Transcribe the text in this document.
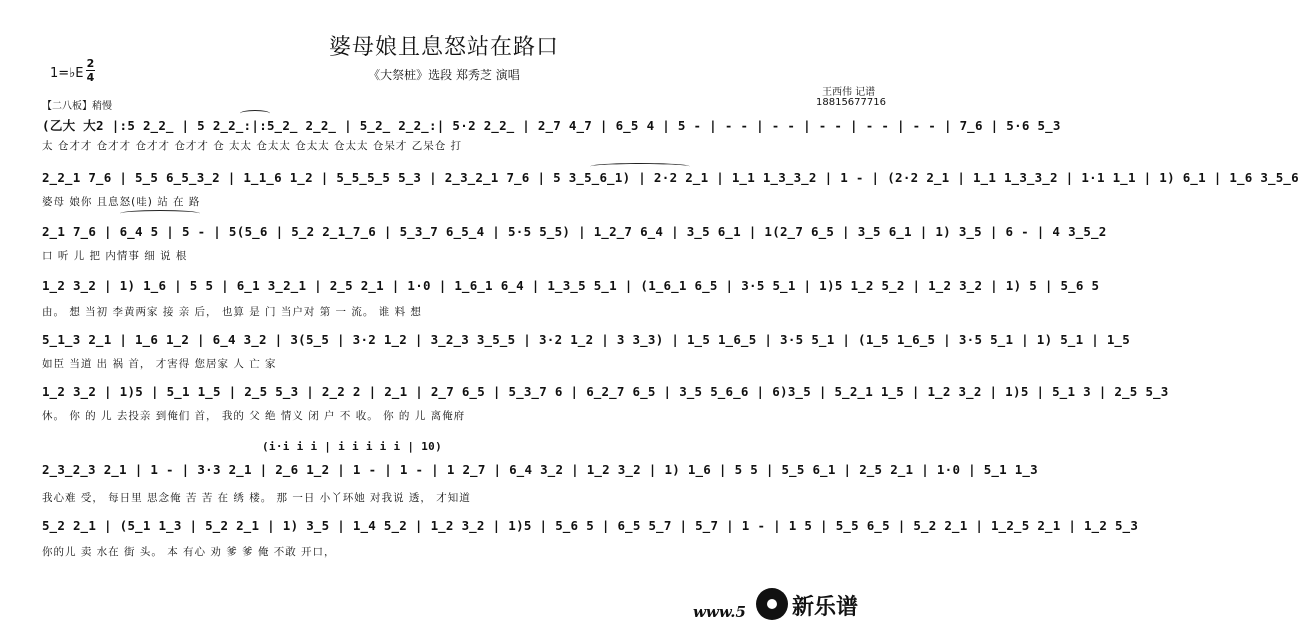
婆母娘且息怒站在路口
《大祭桩》选段 郑秀芝 演唱
1=♭E
2
4
王西伟 记谱
18815677716
【二八板】稍慢
(乙大 大2 |:5 2̲2̲ | 5 2̲2̲:|:5̲2̲ 2̲2̲ | 5̲2̲ 2̲2̲:| 5·2 2̲2̲ | 2̲7 4̲7 | 6̲5 4 | 5 - | - - | - - | - - | - - | - - | 7̲6 | 5·6 5̲3
太 仓才才 仓才才 仓才才 仓才才 仓 太太 仓太太 仓太太 仓太太 仓呆才 乙呆仓 打
2̲2̲1 7̲6 | 5̲5 6̲5̲3̲2 | 1̲1̲6 1̲2 | 5̲5̲5̲5 5̲3 | 2̲3̲2̲1 7̲6 | 5 3̲5̲6̲1) | 2·2 2̲1 | 1̲1 1̲3̲3̲2 | 1 - | (2·2 2̲1 | 1̲1 1̲3̲3̲2 | 1·1 1̲1 | 1) 6̲1 | 1̲6 3̲5̲6
婆母 娘你 且息怒(哇) 站 在 路
2̲1 7̲6 | 6̲4 5 | 5 - | 5(5̲6 | 5̲2 2̲1̲7̲6 | 5̲3̲7 6̲5̲4 | 5·5 5̲5) | 1̲2̲7 6̲4 | 3̲5 6̲1 | 1(2̲7 6̲5 | 3̲5 6̲1 | 1) 3̲5 | 6 - | 4 3̲5̲2
口 听 儿 把 内情事 细 说 根
1̲2 3̲2 | 1) 1̲6 | 5 5 | 6̲1 3̲2̲1 | 2̲5 2̲1 | 1·0 | 1̲6̲1 6̲4 | 1̲3̲5 5̲1 | (1̲6̲1 6̲5 | 3·5 5̲1 | 1)5 1̲2 5̲2 | 1̲2 3̲2 | 1) 5 | 5̲6 5
由。 想 当初 李黄两家 接 亲 后， 也算 是 门 当户对 第 一 流。 谁 料 想
5̲1̲3 2̲1 | 1̲6 1̲2 | 6̲4 3̲2 | 3(5̲5 | 3·2 1̲2 | 3̲2̲3 3̲5̲5 | 3·2 1̲2 | 3 3̲3) | 1̲5 1̲6̲5 | 3·5 5̲1 | (1̲5 1̲6̲5 | 3·5 5̲1 | 1) 5̲1 | 1̲5
如臣 当道 出 祸 首， 才害得 您居家 人 亡 家
1̲2 3̲2 | 1)5 | 5̲1 1̲5 | 2̲5 5̲3 | 2̲2 2 | 2̲1 | 2̲7 6̲5 | 5̲3̲7 6 | 6̲2̲7 6̲5 | 3̲5 5̲6̲6 | 6)3̲5 | 5̲2̲1 1̲5 | 1̲2 3̲2 | 1)5 | 5̲1 3 | 2̲5 5̲3
休。 你 的 儿 去投亲 到俺们 首， 我的 父 绝 情义 闭 户 不 收。 你 的 儿 离俺府
(i·i i i | i i i i i | 10)
2̲3̲2̲3 2̲1 | 1 - | 3·3 2̲1 | 2̲6 1̲2 | 1 - | 1 - | 1 2̲7 | 6̲4 3̲2 | 1̲2 3̲2 | 1) 1̲6 | 5 5 | 5̲5 6̲1 | 2̲5 2̲1 | 1·0 | 5̲1 1̲3
我心难 受， 每日里 思念俺 苦 苦 在 绣 楼。 那 一日 小丫环她 对我说 透， 才知道
5̲2 2̲1 | (5̲1 1̲3 | 5̲2 2̲1 | 1) 3̲5 | 1̲4 5̲2 | 1̲2 3̲2 | 1)5 | 5̲6 5 | 6̲5 5̲7 | 5̲7 | 1 - | 1 5 | 5̲5 6̲5 | 5̲2 2̲1 | 1̲2̲5 2̲1 | 1̲2 5̲3
你的儿 卖 水在 街 头。 本 有心 劝 爹 爹 俺 不敢 开口，
www.5 新乐谱
